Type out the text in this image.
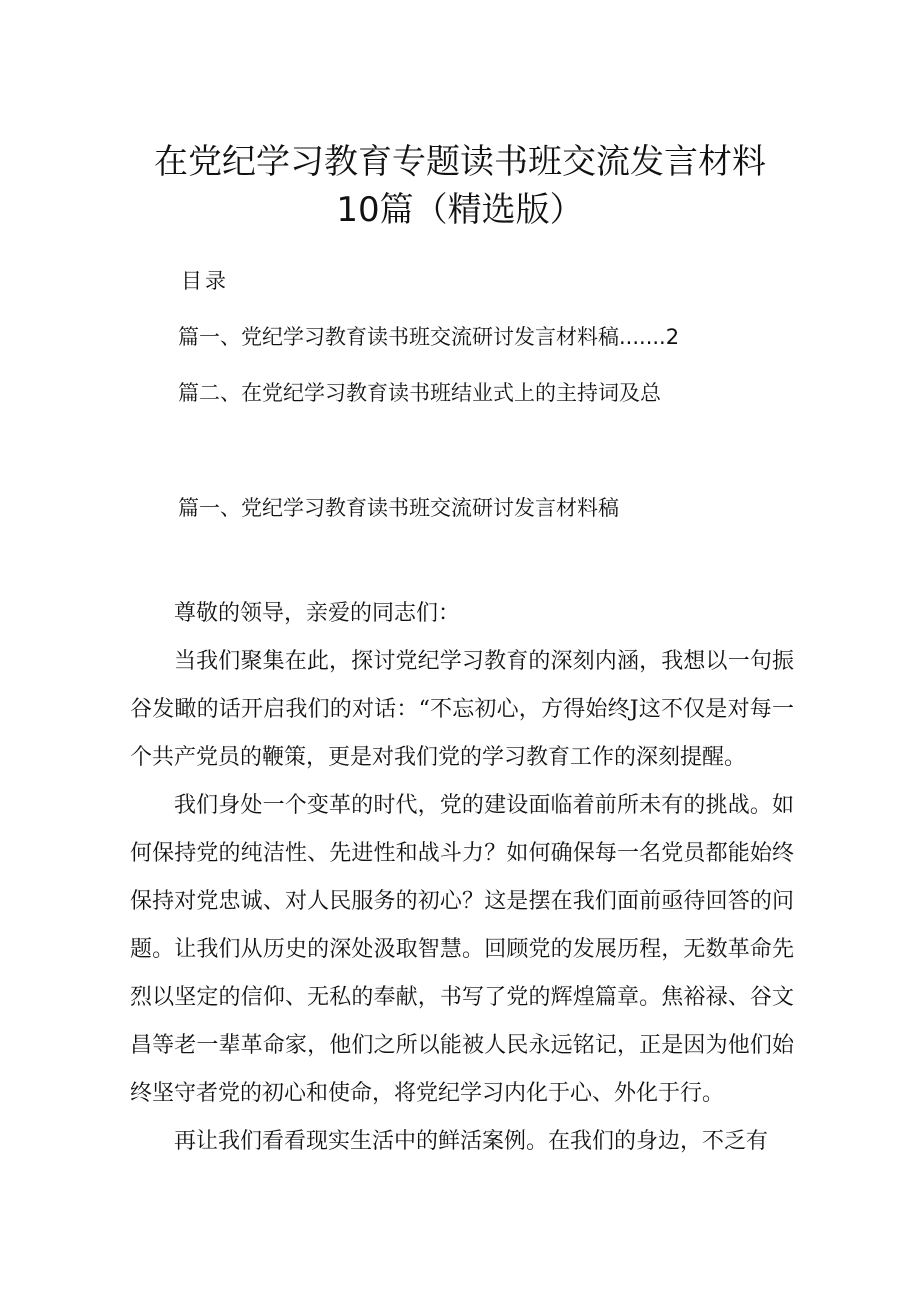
在党纪学习教育专题读书班交流发言材料
10篇（精选版）
目录
篇一、党纪学习教育读书班交流研讨发言材料稿.......2
篇二、在党纪学习教育读书班结业式上的主持词及总
篇一、党纪学习教育读书班交流研讨发言材料稿

尊敬的领导，亲爱的同志们：

当我们聚集在此，探讨党纪学习教育的深刻内涵，我想以一句振谷发瞰的话开启我们的对话：“不忘初心，方得始终J这不仅是对每一个共产党员的鞭策，更是对我们党的学习教育工作的深刻提醒。

我们身处一个变革的时代，党的建设面临着前所未有的挑战。如何保持党的纯洁性、先进性和战斗力？如何确保每一名党员都能始终保持对党忠诚、对人民服务的初心？这是摆在我们面前亟待回答的问题。让我们从历史的深处汲取智慧。回顾党的发展历程，无数革命先烈以坚定的信仰、无私的奉献，书写了党的辉煌篇章。焦裕禄、谷文昌等老一辈革命家，他们之所以能被人民永远铭记，正是因为他们始终坚守者党的初心和使命，将党纪学习内化于心、外化于行。

再让我们看看现实生活中的鲜活案例。在我们的身边，不乏有
